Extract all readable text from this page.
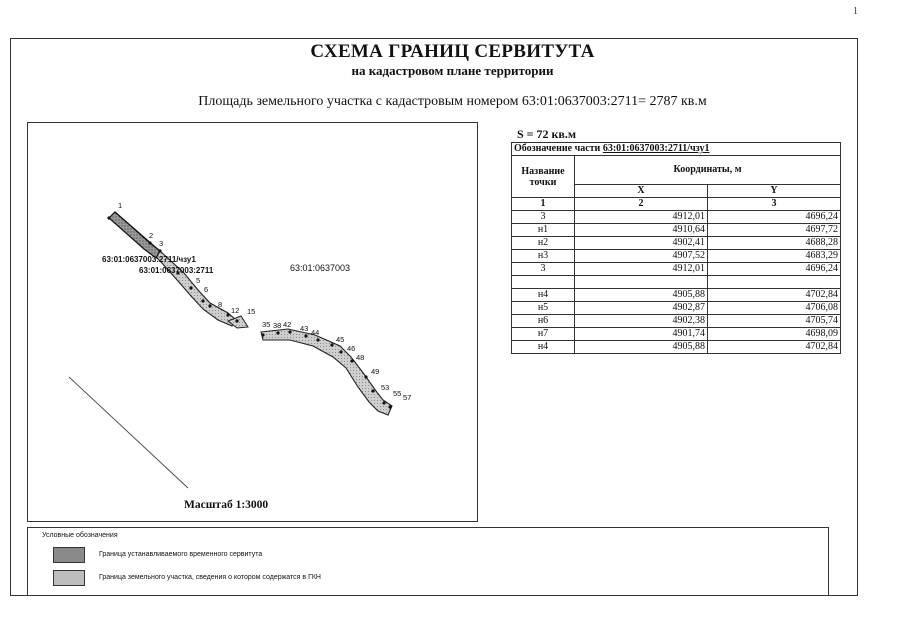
1
СХЕМА ГРАНИЦ СЕРВИТУТА
на кадастровом плане территории
Площадь земельного участка с кадастровым номером 63:01:0637003:2711= 2787 кв.м
1
2
3
5
6
8
12 15
35 38 42 43 44
45
46
48
49
53
55 57
63:01:0637003:2711/чзу1
63:01:0637003:2711	63:01:0637003
Масштаб 1:3000
S = 72 кв.м
Обозначение части 63:01:0637003:2711/чзу1		
Название точки	Координаты, м	
	X	Y
1	2	3
3	4912,01	4696,24
н1	4910,64	4697,72
н2	4902,41	4688,28
н3	4907,52	4683,29
3	4912,01	4696,24

н4	4905,88	4702,84
н5	4902,87	4706,08
н6	4902,38	4705,74
н7	4901,74	4698,09
н4	4905,88	4702,84
Условные обозначения
Граница устанавливаемого временного сервитута
Граница земельного участка, сведения о котором содержатся в ГКН
